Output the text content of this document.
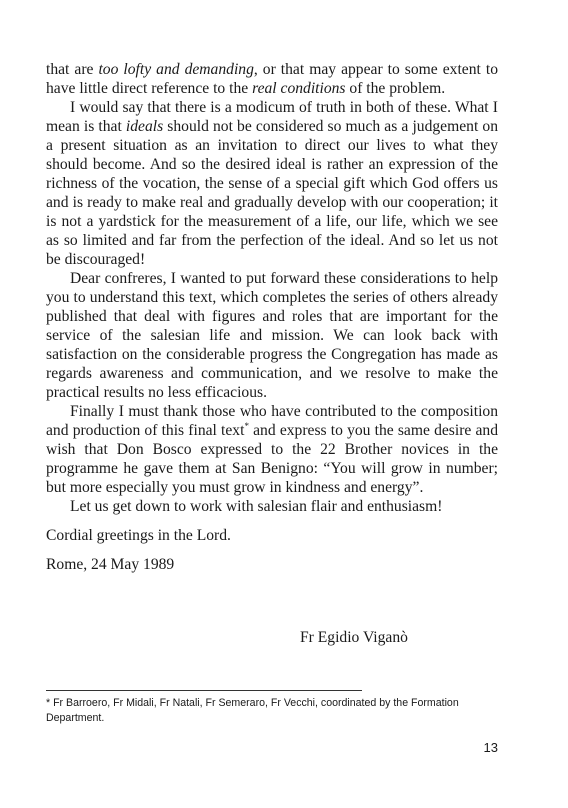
that are too lofty and demanding, or that may appear to some extent to have little direct reference to the real conditions of the problem.

I would say that there is a modicum of truth in both of these. What I mean is that ideals should not be considered so much as a judgement on a present situation as an invitation to direct our lives to what they should become. And so the desired ideal is rather an expression of the richness of the vocation, the sense of a special gift which God offers us and is ready to make real and gradually develop with our cooperation; it is not a yardstick for the measurement of a life, our life, which we see as so limited and far from the perfection of the ideal. And so let us not be discouraged!

Dear confreres, I wanted to put forward these considerations to help you to understand this text, which completes the series of others already published that deal with figures and roles that are important for the service of the salesian life and mission. We can look back with satisfaction on the considerable progress the Congregation has made as regards awareness and communication, and we resolve to make the practical results no less efficacious.

Finally I must thank those who have contributed to the composition and production of this final text* and express to you the same desire and wish that Don Bosco expressed to the 22 Brother novices in the programme he gave them at San Benigno: “You will grow in number; but more especially you must grow in kindness and energy”.

Let us get down to work with salesian flair and enthusiasm!

Cordial greetings in the Lord.

Rome, 24 May 1989

Fr Egidio Viganò
* Fr Barroero, Fr Midali, Fr Natali, Fr Semeraro, Fr Vecchi, coordinated by the Formation Department.
13
